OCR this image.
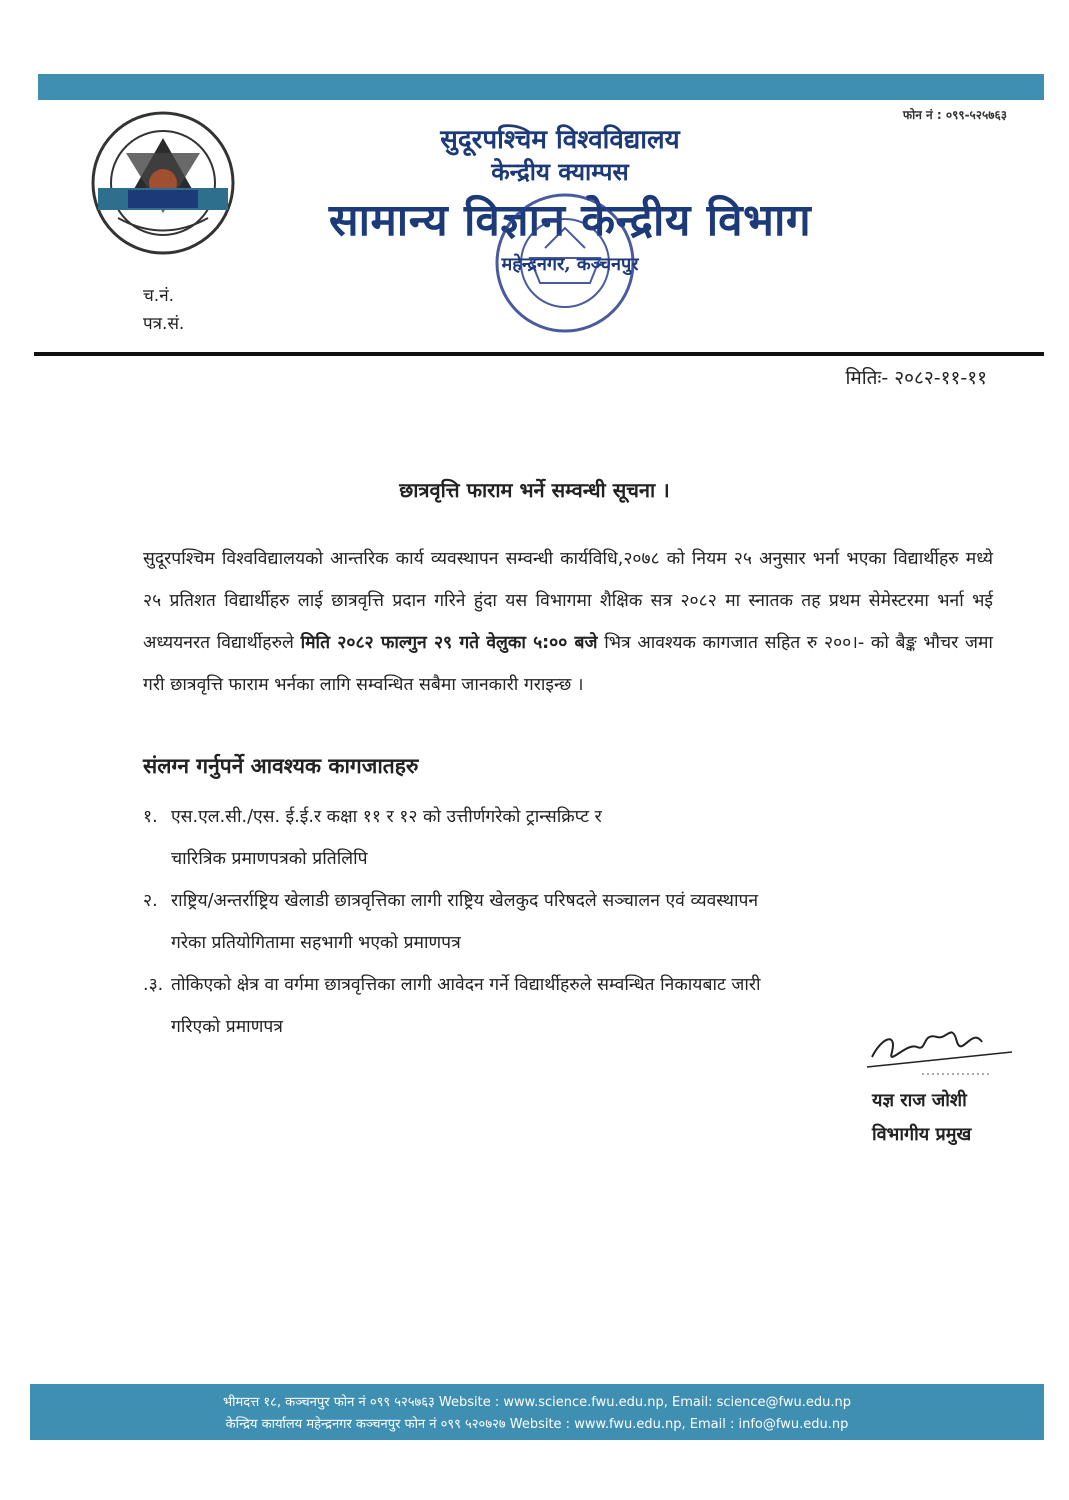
फोन नं : ०९९-५२५७६३
सुदूरपश्चिम विश्वविद्यालय
केन्द्रीय क्याम्पस
सामान्य विज्ञान केन्द्रीय विभाग
महेन्द्रनगर, कञ्चनपुर
च.नं.
पत्र.सं.
मितिः- २०८२-११-११
छात्रवृत्ति फाराम भर्ने सम्वन्धी सूचना ।
सुदूरपश्चिम विश्वविद्यालयको आन्तरिक कार्य व्यवस्थापन सम्वन्धी कार्यविधि,२०७८ को नियम २५ अनुसार भर्ना भएका विद्यार्थीहरु मध्ये २५ प्रतिशत विद्यार्थीहरु लाई छात्रवृत्ति प्रदान गरिने हुंदा यस विभागमा शैक्षिक सत्र २०८२ मा स्नातक तह प्रथम सेमेस्टरमा भर्ना भई अध्ययनरत विद्यार्थीहरुले मिति २०८२ फाल्गुन २९ गते वेलुका ५:०० बजे भित्र आवश्यक कागजात सहित रु २००।- को बैङ्क भौचर जमा गरी छात्रवृत्ति फाराम भर्नका लागि सम्वन्धित सबैमा जानकारी गराइन्छ ।
संलग्न गर्नुपर्ने आवश्यक कागजातहरु
१. एस.एल.सी./एस. ई.ई.र कक्षा ११ र १२ को उत्तीर्णगरेको ट्रान्सक्रिप्ट र
चारित्रिक प्रमाणपत्रको प्रतिलिपि
२. राष्ट्रिय/अन्तर्राष्ट्रिय खेलाडी छात्रवृत्तिका लागी राष्ट्रिय खेलकुद परिषदले सञ्चालन एवं व्यवस्थापन
गरेका प्रतियोगितामा सहभागी भएको प्रमाणपत्र
.३. तोकिएको क्षेत्र वा वर्गमा छात्रवृत्तिका लागी आवेदन गर्ने विद्यार्थीहरुले सम्वन्धित निकायबाट जारी
गरिएको प्रमाणपत्र
यज्ञ राज जोशी
विभागीय प्रमुख
भीमदत्त १८, कञ्चनपुर फोन नं ०९९ ५२५७६३ Website : www.science.fwu.edu.np, Email: science@fwu.edu.np
केन्द्रिय कार्यालय महेन्द्रनगर कञ्चनपुर फोन नं ०९९ ५२०७२७ Website : www.fwu.edu.np, Email : info@fwu.edu.np
